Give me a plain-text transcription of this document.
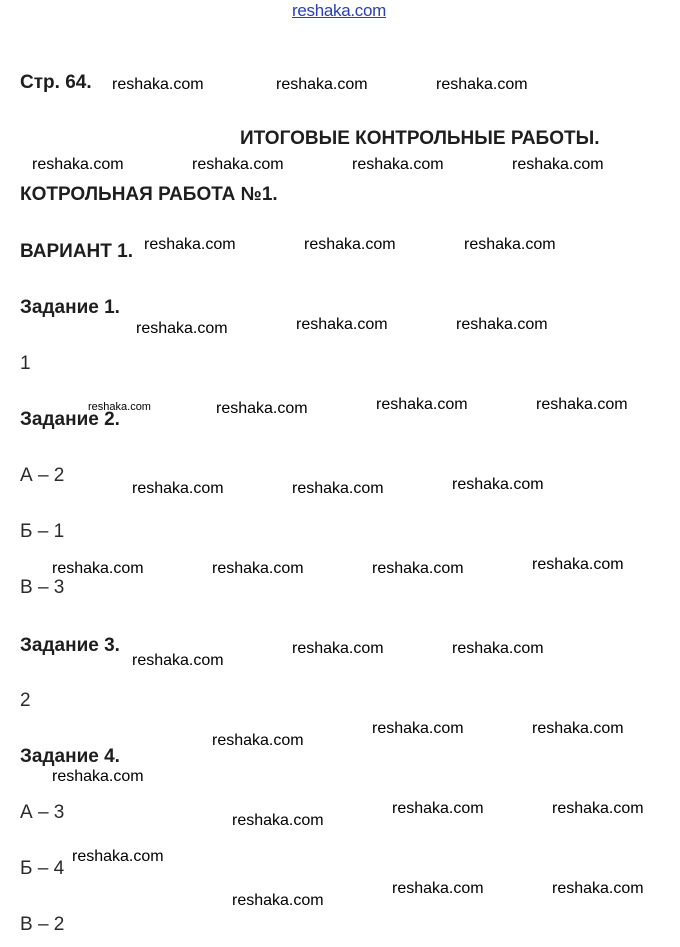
reshaka.com
Стр. 64.
ИТОГОВЫЕ КОНТРОЛЬНЫЕ РАБОТЫ.
КОТРОЛЬНАЯ РАБОТА №1.
ВАРИАНТ 1.
Задание 1.
1
Задание 2.
А – 2
Б – 1
В – 3
Задание 3.
2
Задание 4.
А – 3
Б – 4
В – 2
reshaka.com	reshaka.com	reshaka.com
reshaka.com	reshaka.com	reshaka.com	reshaka.com
reshaka.com	reshaka.com	reshaka.com
reshaka.com	reshaka.com	reshaka.com
reshaka.com	reshaka.com	reshaka.com	reshaka.com
reshaka.com	reshaka.com	reshaka.com
reshaka.com	reshaka.com	reshaka.com	reshaka.com
reshaka.com
reshaka.com	reshaka.com
reshaka.com
reshaka.com	reshaka.com
reshaka.com
reshaka.com
reshaka.com	reshaka.com
reshaka.com
reshaka.com
reshaka.com	reshaka.com
